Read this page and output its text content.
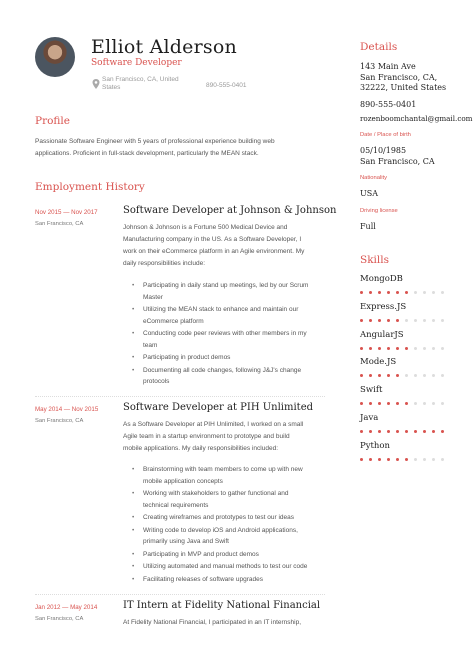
Elliot Alderson
Software Developer
San Francisco, CA, United States	890-555-0401
Profile
Passionate Software Engineer with 5 years of professional experience building web
applications. Proficient in full-stack development, particularly the MEAN stack.
Employment History
Nov 2015 — Nov 2017
San Francisco, CA
Software Developer at Johnson & Johnson
Johnson & Johnson is a Fortune 500 Medical Device and
Manufacturing company in the US. As a Software Developer, I
work on their eCommerce platform in an Agile environment. My
daily responsibilities include:
• Participating in daily stand up meetings, led by our Scrum
Master
• Utilizing the MEAN stack to enhance and maintain our
eCommerce platform
• Conducting code peer reviews with other members in my
team
• Participating in product demos
• Documenting all code changes, following J&J's change
protocols
May 2014 — Nov 2015
San Francisco, CA
Software Developer at PIH Unlimited
As a Software Developer at PIH Unlimited, I worked on a small
Agile team in a startup environment to prototype and build
mobile applications. My daily responsibilities included:
• Brainstorming with team members to come up with new
mobile application concepts
• Working with stakeholders to gather functional and
technical requirements
• Creating wireframes and prototypes to test our ideas
• Writing code to develop iOS and Android applications,
primarily using Java and Swift
• Participating in MVP and product demos
• Utilizing automated and manual methods to test our code
• Facilitating releases of software upgrades
Jan 2012 — May 2014
San Francisco, CA
IT Intern at Fidelity National Financial
At Fidelity National Financial, I participated in an IT internship,
Details
143 Main Ave
San Francisco, CA,
32222, United States
890-555-0401
rozenboomchantal@gmail.com
Date / Place of birth
05/10/1985
San Francisco, CA
Nationality
USA
Driving license
Full
Skills
MongoDB
Express.JS
AngularJS
Mode.JS
Swift
Java
Python
